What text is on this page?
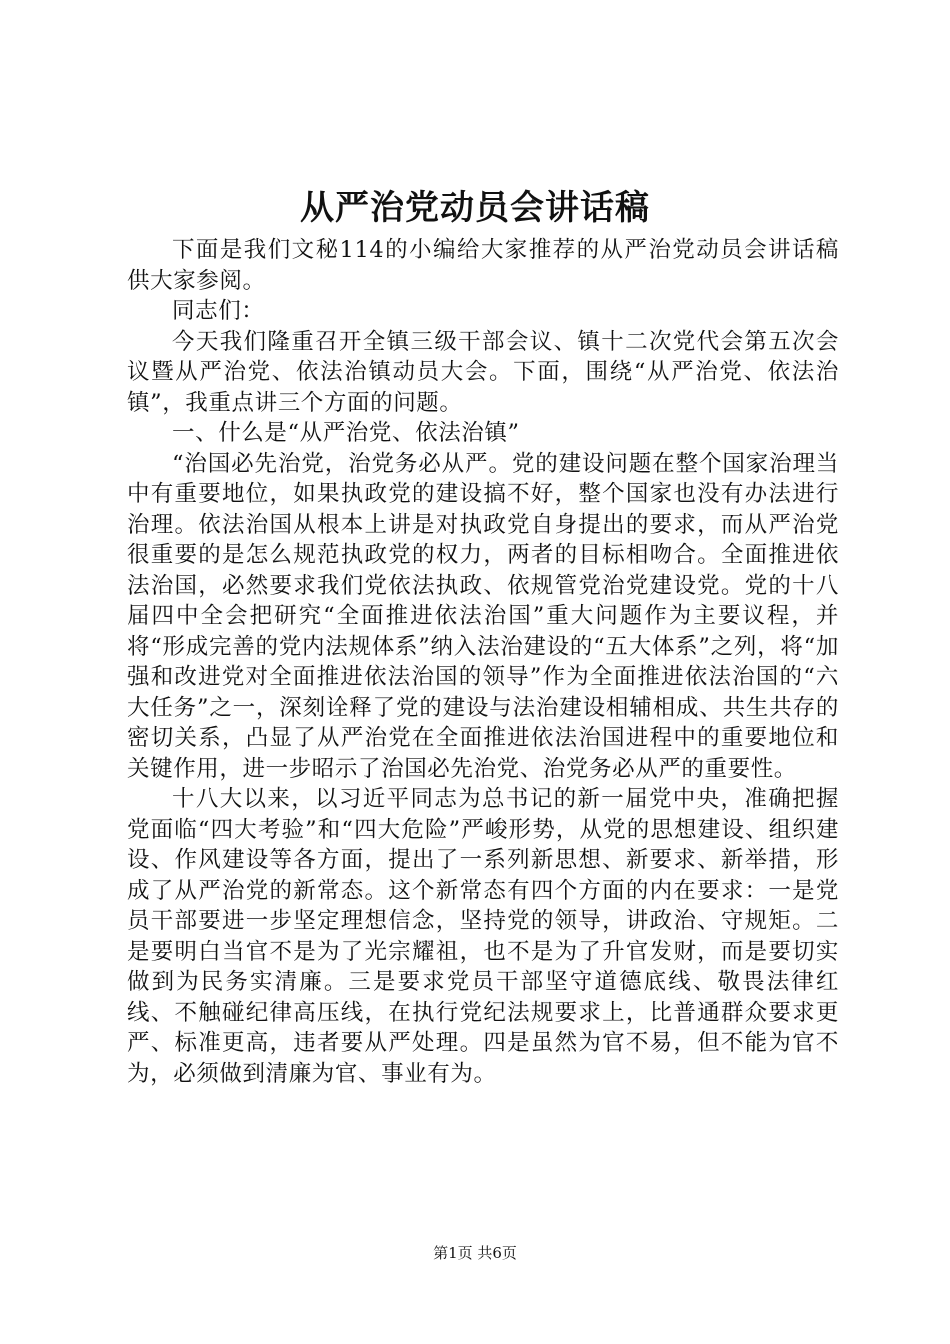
从严治党动员会讲话稿

下面是我们文秘114的小编给大家推荐的从严治党动员会讲话稿供大家参阅。

同志们：

今天我们隆重召开全镇三级干部会议、镇十二次党代会第五次会议暨从严治党、依法治镇动员大会。下面，围绕“从严治党、依法治镇”，我重点讲三个方面的问题。

一、什么是“从严治党、依法治镇”

“治国必先治党，治党务必从严。党的建设问题在整个国家治理当中有重要地位，如果执政党的建设搞不好，整个国家也没有办法进行治理。依法治国从根本上讲是对执政党自身提出的要求，而从严治党很重要的是怎么规范执政党的权力，两者的目标相吻合。全面推进依法治国，必然要求我们党依法执政、依规管党治党建设党。党的十八届四中全会把研究“全面推进依法治国”重大问题作为主要议程，并将“形成完善的党内法规体系”纳入法治建设的“五大体系”之列，将“加强和改进党对全面推进依法治国的领导”作为全面推进依法治国的“六大任务”之一，深刻诠释了党的建设与法治建设相辅相成、共生共存的密切关系，凸显了从严治党在全面推进依法治国进程中的重要地位和关键作用，进一步昭示了治国必先治党、治党务必从严的重要性。

十八大以来，以习近平同志为总书记的新一届党中央，准确把握党面临“四大考验”和“四大危险”严峻形势，从党的思想建设、组织建设、作风建设等各方面，提出了一系列新思想、新要求、新举措，形成了从严治党的新常态。这个新常态有四个方面的内在要求：一是党员干部要进一步坚定理想信念，坚持党的领导，讲政治、守规矩。二是要明白当官不是为了光宗耀祖，也不是为了升官发财，而是要切实做到为民务实清廉。三是要求党员干部坚守道德底线、敬畏法律红线、不触碰纪律高压线，在执行党纪法规要求上，比普通群众要求更严、标准更高，违者要从严处理。四是虽然为官不易，但不能为官不为，必须做到清廉为官、事业有为。

第1页 共6页
